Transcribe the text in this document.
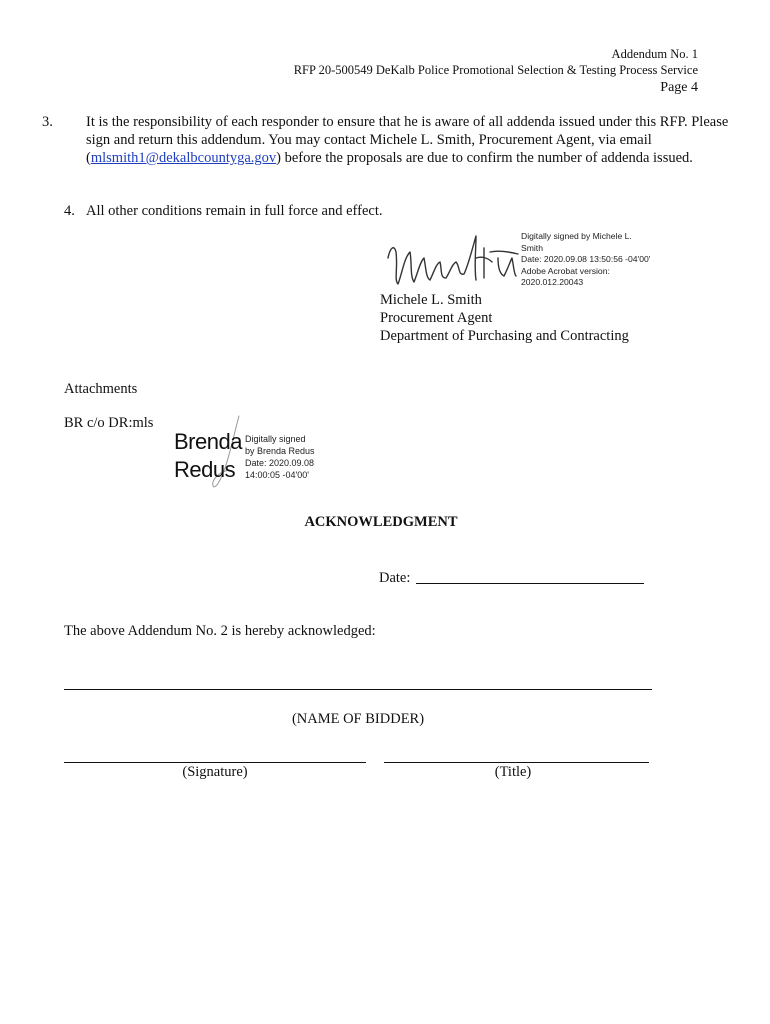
Addendum No. 1
RFP 20-500549 DeKalb Police Promotional Selection & Testing Process Service
Page 4
3. It is the responsibility of each responder to ensure that he is aware of all addenda issued under this RFP. Please sign and return this addendum. You may contact Michele L. Smith, Procurement Agent, via email (mlsmith1@dekalbcountyga.gov) before the proposals are due to confirm the number of addenda issued.
4. All other conditions remain in full force and effect.
Digitally signed by Michele L.
Smith
Date: 2020.09.08 13:50:56 -04'00'
Adobe Acrobat version:
2020.012.20043
Michele L. Smith
Procurement Agent
Department of Purchasing and Contracting
Attachments
BR c/o DR:mls
Brenda
Redus
Digitally signed
by Brenda Redus
Date: 2020.09.08
14:00:05 -04'00'
ACKNOWLEDGMENT
Date:
The above Addendum No. 2 is hereby acknowledged:
(NAME OF BIDDER)
(Signature)	(Title)
